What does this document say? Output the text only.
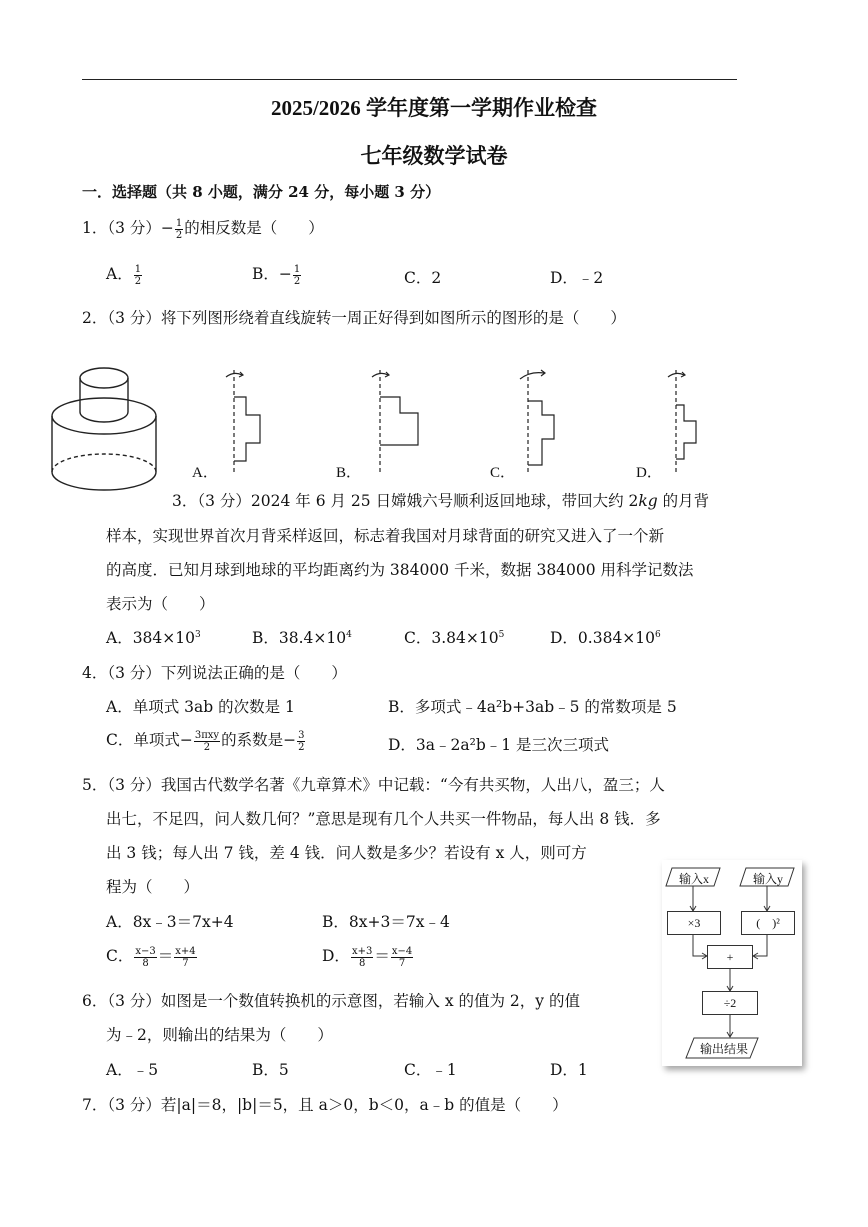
2025/2026 学年度第一学期作业检查
七年级数学试卷
一．选择题（共 8 小题，满分 24 分，每小题 3 分）
1．（3 分）− $\frac{1}{2}$ 的相反数是（　　）
A． $\frac{1}{2}$	B．− $\frac{1}{2}$	C．2	D．﹣2
2．（3 分）将下列图形绕着直线旋转一周正好得到如图所示的图形的是（　　）
A．	B．	C．	D．
3．（3 分）2024 年 6 月 25 日嫦娥六号顺利返回地球，带回大约 2kg 的月背
样本，实现世界首次月背采样返回，标志着我国对月球背面的研究又进入了一个新
的高度．已知月球到地球的平均距离约为 384000 千米，数据 384000 用科学记数法
表示为（　　）
A．$384\times 10^3$	B．$38.4\times 10^4$	C．$3.84\times 10^5$	D．$0.384\times 10^6$
4．（3 分）下列说法正确的是（　　）
A．单项式 3ab 的次数是 1	B．多项式﹣4a²b+3ab﹣5 的常数项是 5
C．单项式− $\frac{\text{3πxy}}{2}$ 的系数是− $\frac{3}{2}$	D．3a﹣2a²b﹣1 是三次三项式
5．（3 分）我国古代数学名著《九章算术》中记载：“今有共买物，人出八，盈三；人
出七，不足四，问人数几何？”意思是现有几个人共买一件物品，每人出 8 钱．多
出 3 钱；每人出 7 钱，差 4 钱．问人数是多少？若设有 x 人，则可方
程为（　　）
A．8x﹣3＝7x+4	B．8x+3＝7x﹣4
C． $\frac{x-3}{8} = \frac{x+4}{7}$	D． $\frac{x+3}{8} = \frac{x-4}{7}$
6．（3 分）如图是一个数值转换机的示意图，若输入 x 的值为 2，y 的值
为﹣2，则输出的结果为（　　）
A．﹣5	B．5	C．﹣1	D．1
输入x	输入y
×3	(　)²
+
÷2
输出结果
7．（3 分）若|a|＝8，|b|＝5，且 a＞0，b＜0，a﹣b 的值是（　　）
